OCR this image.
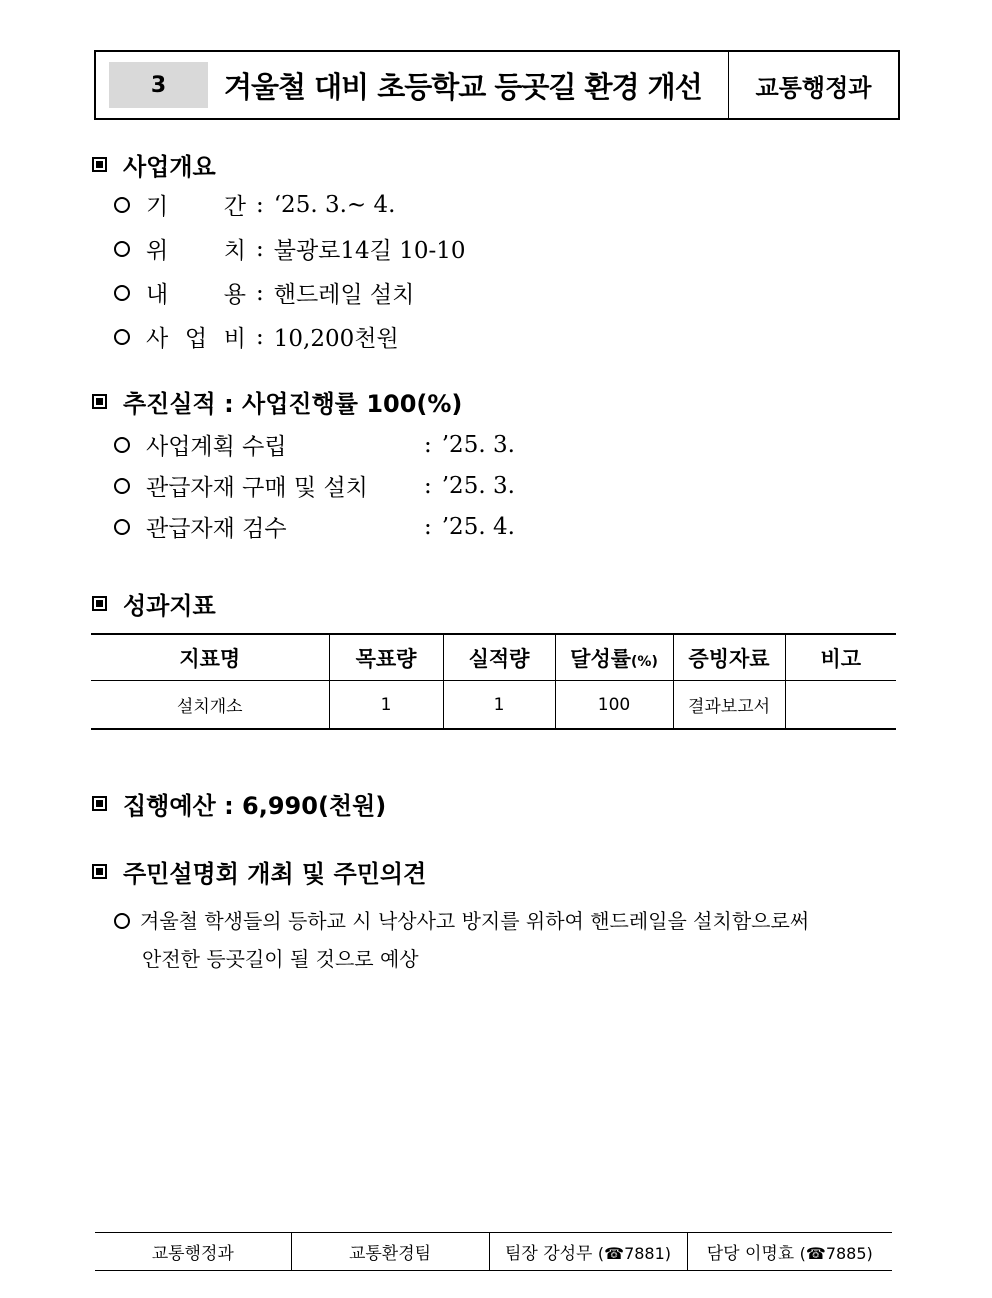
3	겨울철 대비 초등학교 등곳길 환경 개선	교통행정과
사업개요
기 간 : ‘25. 3.∼ 4.
위 치 : 불광로14길 10-10
내 용 : 핸드레일 설치
사 업 비 : 10,200천원
추진실적 : 사업진행률 100(%)
사업계획 수립	: ’25. 3.
관급자재 구매 및 설치	: ’25. 3.
관급자재 검수	: ’25. 4.
성과지표
지표명	목표량	실적량	달성률(%)	증빙자료	비고
설치개소	1	1	100	결과보고서	
집행예산 : 6,990(천원)
주민설명회 개최 및 주민의견
겨울철 학생들의 등하교 시 낙상사고 방지를 위하여 핸드레일을 설치함으로써
안전한 등곳길이 될 것으로 예상
교통행정과	교통환경팀	팀장 강성무 (☎7881)	담당 이명효 (☎7885)
